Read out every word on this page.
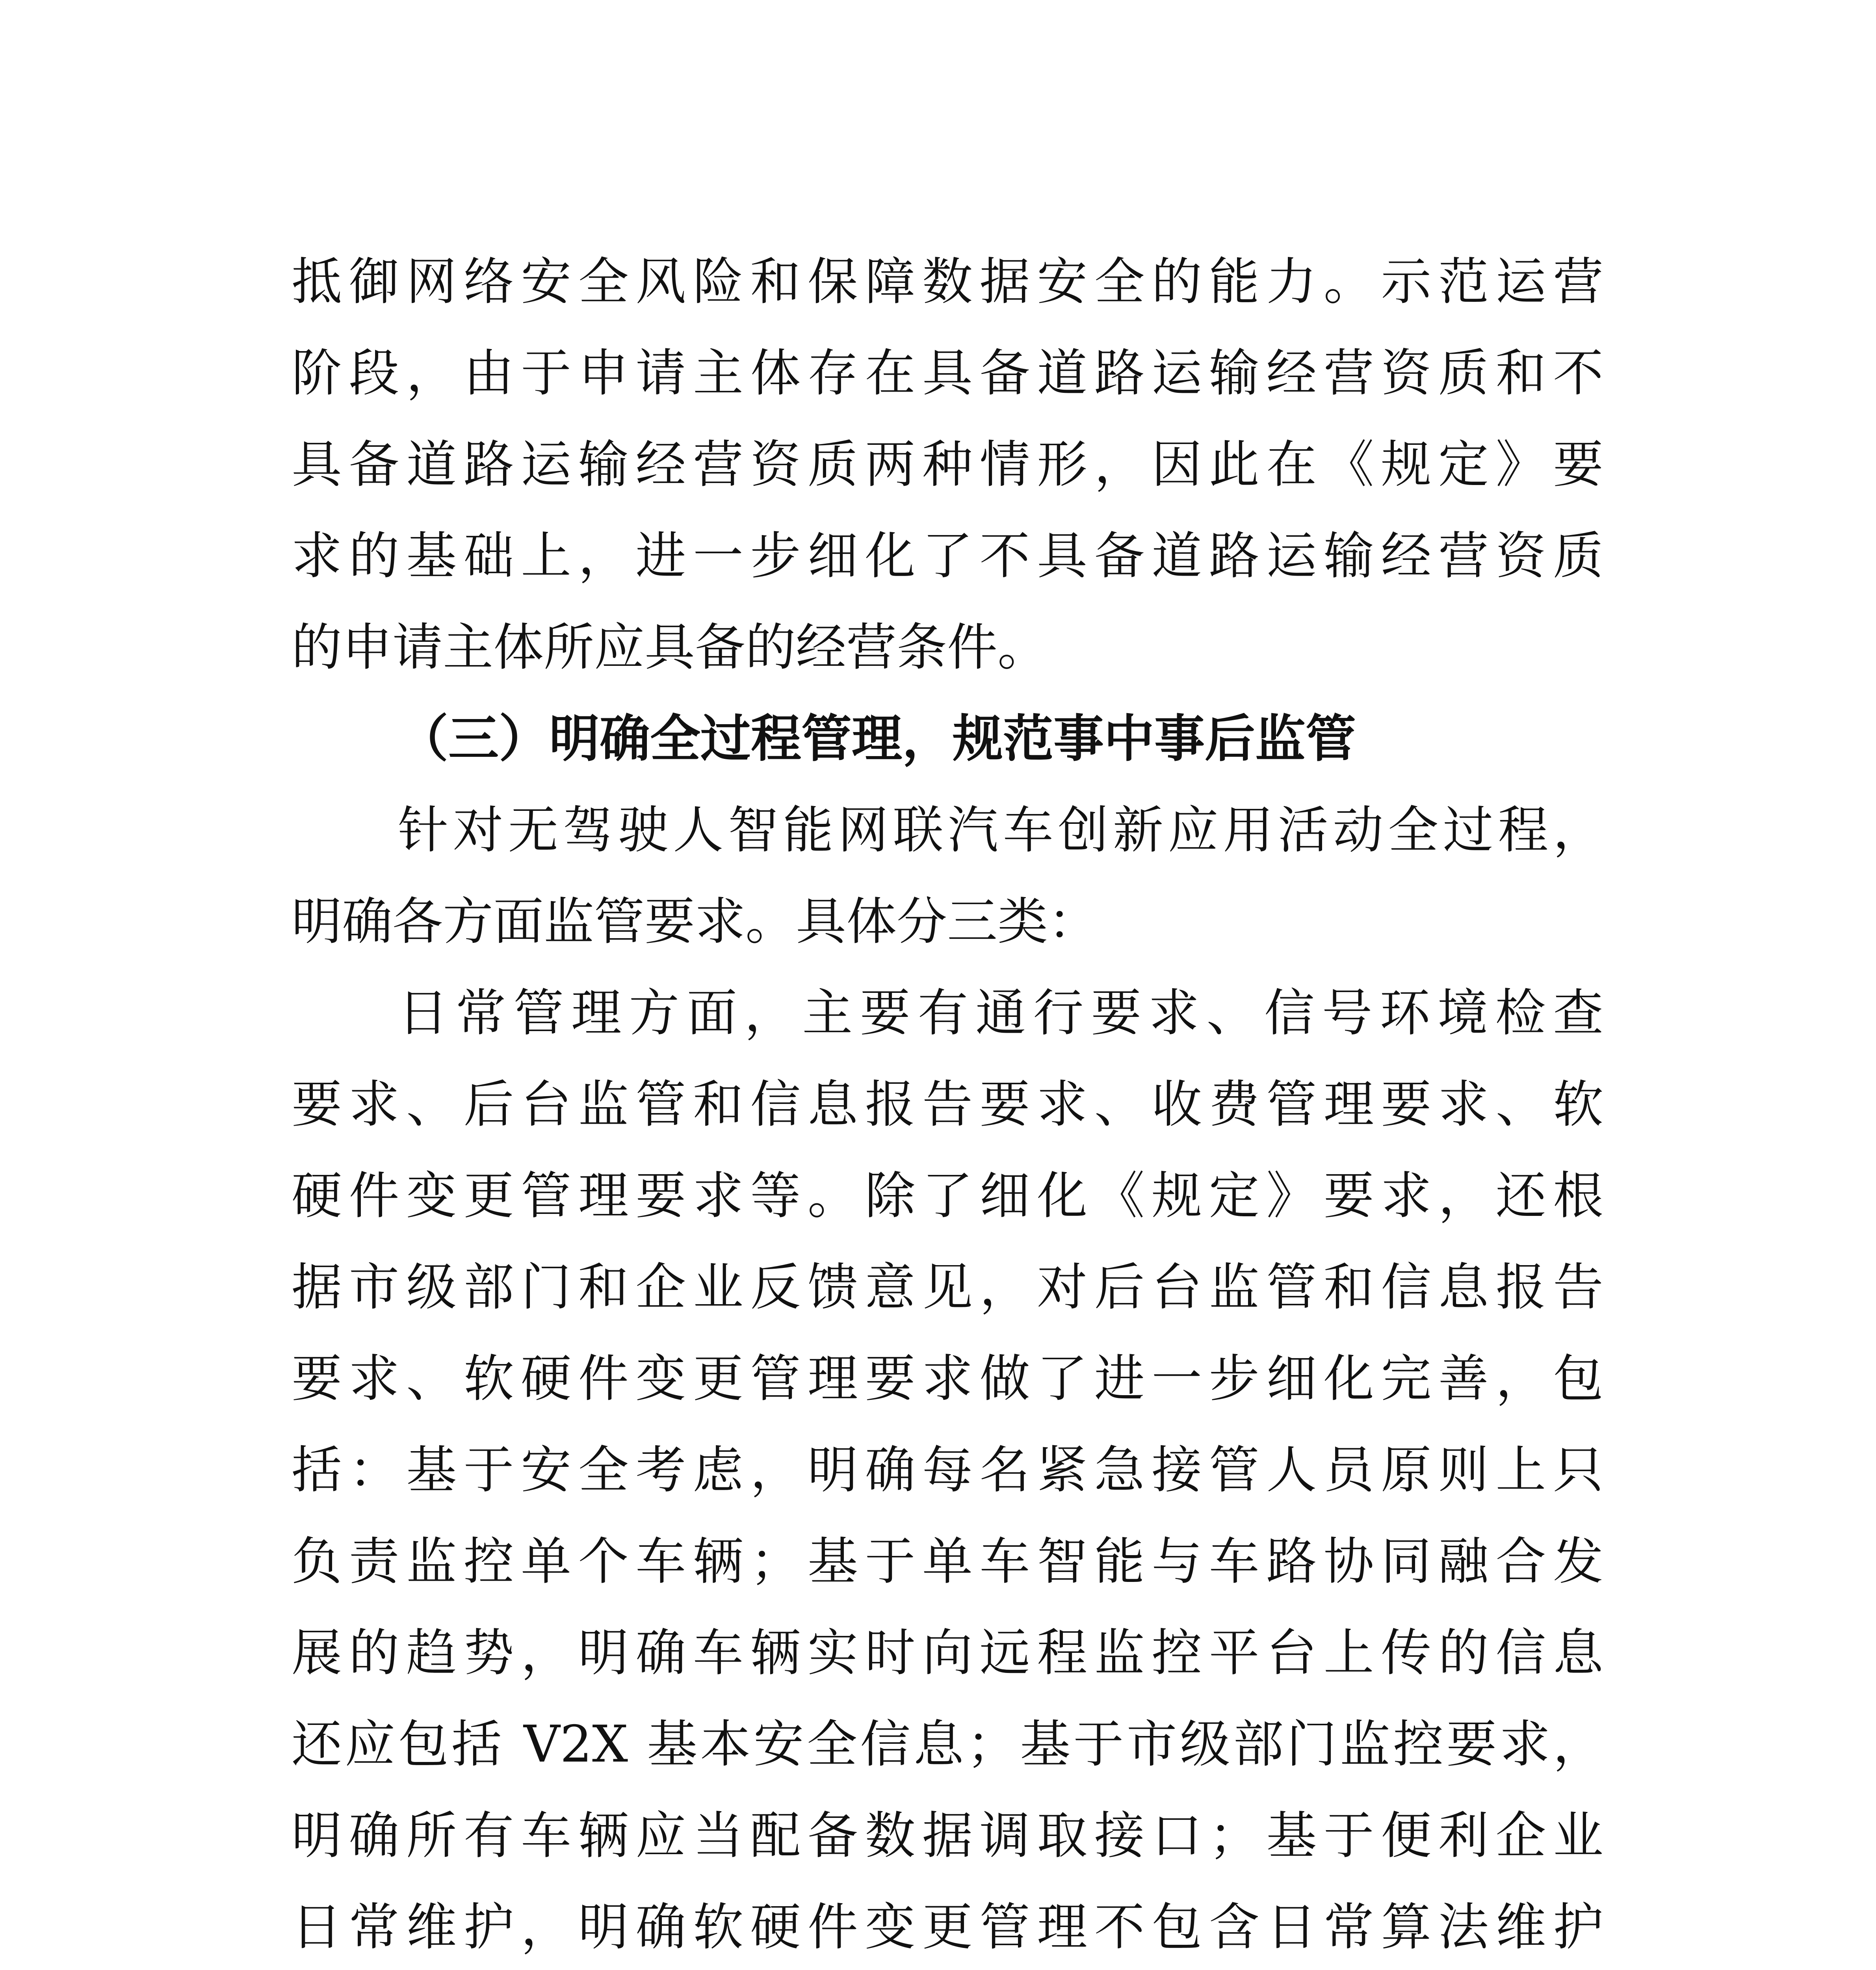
抵御网络安全风险和保障数据安全的能力。示范运营
阶段，由于申请主体存在具备道路运输经营资质和不
具备道路运输经营资质两种情形，因此在《规定》要
求的基础上，进一步细化了不具备道路运输经营资质
的申请主体所应具备的经营条件。
（三）明确全过程管理，规范事中事后监管
针对无驾驶人智能网联汽车创新应用活动全过程，
明确各方面监管要求。具体分三类：
日常管理方面，主要有通行要求、信号环境检查
要求、后台监管和信息报告要求、收费管理要求、软
硬件变更管理要求等。除了细化《规定》要求，还根
据市级部门和企业反馈意见，对后台监管和信息报告
要求、软硬件变更管理要求做了进一步细化完善，包
括：基于安全考虑，明确每名紧急接管人员原则上只
负责监控单个车辆；基于单车智能与车路协同融合发
展的趋势，明确车辆实时向远程监控平台上传的信息
还应包括 V2X 基本安全信息；基于市级部门监控要求，
明确所有车辆应当配备数据调取接口；基于便利企业
日常维护，明确软硬件变更管理不包含日常算法维护
